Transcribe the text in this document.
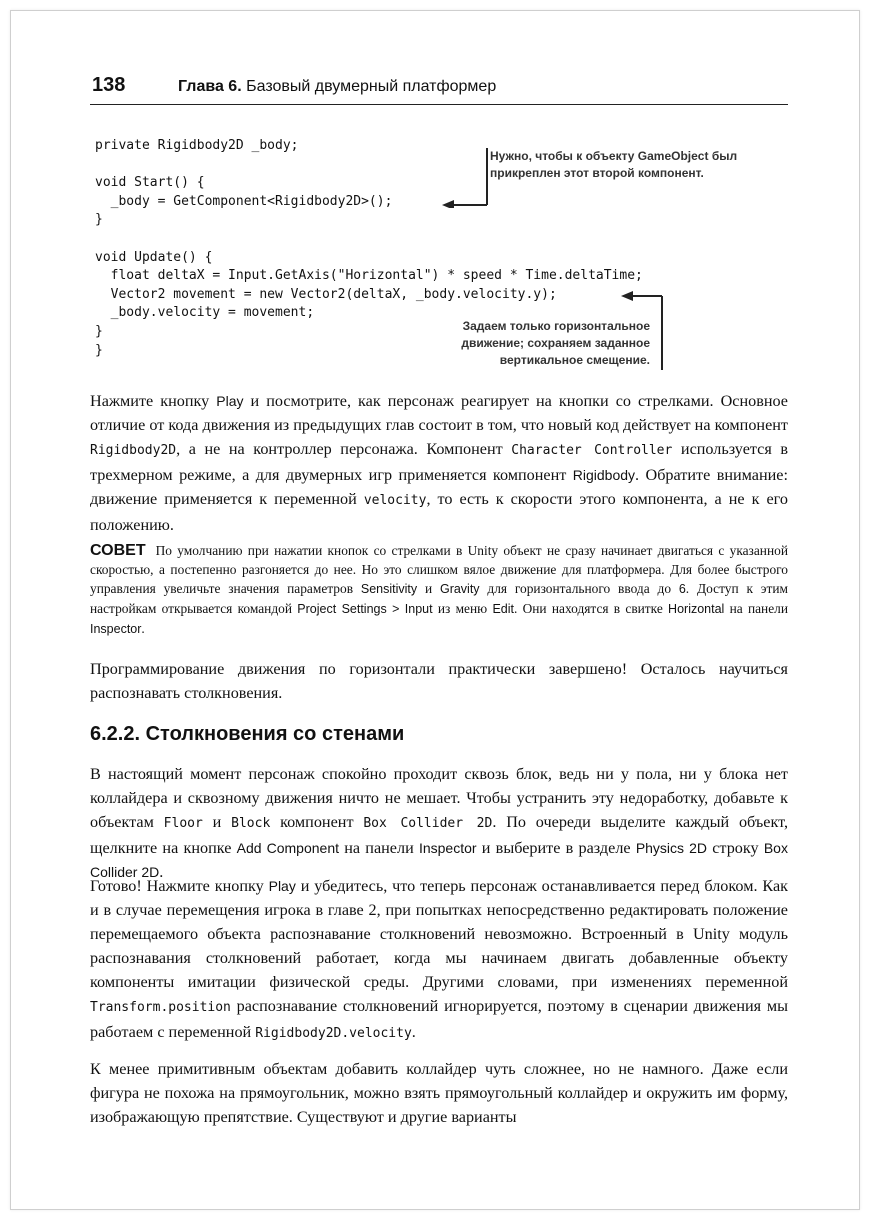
138	Глава 6. Базовый двумерный платформер
private Rigidbody2D _body;

void Start() {
_body = GetComponent<Rigidbody2D>();
}

void Update() {
float deltaX = Input.GetAxis("Horizontal") * speed * Time.deltaTime;
Vector2 movement = new Vector2(deltaX, _body.velocity.y);
_body.velocity = movement;
}
}
Нужно, чтобы к объекту GameObject был прикреплен этот второй компонент.
Задаем только горизонтальное движение; сохраняем заданное вертикальное смещение.

Нажмите кнопку Play и посмотрите, как персонаж реагирует на кнопки со стрелками. Основное отличие от кода движения из предыдущих глав состоит в том, что новый код действует на компонент Rigidbody2D, а не на контроллер персонажа. Компонент Character Controller используется в трехмерном режиме, а для двумерных игр применяется компонент Rigidbody. Обратите внимание: движение применяется к переменной velocity, то есть к скорости этого компонента, а не к его положению.

СОВЕТ По умолчанию при нажатии кнопок со стрелками в Unity объект не сразу начинает двигаться с указанной скоростью, а постепенно разгоняется до нее. Но это слишком вялое движение для платформера. Для более быстрого управления увеличьте значения параметров Sensitivity и Gravity для горизонтального ввода до 6. Доступ к этим настройкам открывается командой Project Settings > Input из меню Edit. Они находятся в свитке Horizontal на панели Inspector.

Программирование движения по горизонтали практически завершено! Осталось научиться распознавать столкновения.

6.2.2. Столкновения со стенами

В настоящий момент персонаж спокойно проходит сквозь блок, ведь ни у пола, ни у блока нет коллайдера и сквозному движения ничто не мешает. Чтобы устранить эту недоработку, добавьте к объектам Floor и Block компонент Box Collider 2D. По очереди выделите каждый объект, щелкните на кнопке Add Component на панели Inspector и выберите в разделе Physics 2D строку Box Collider 2D.

Готово! Нажмите кнопку Play и убедитесь, что теперь персонаж останавливается перед блоком. Как и в случае перемещения игрока в главе 2, при попытках непосредственно редактировать положение перемещаемого объекта распознавание столкновений невозможно. Встроенный в Unity модуль распознавания столкновений работает, когда мы начинаем двигать добавленные объекту компоненты имитации физической среды. Другими словами, при изменениях переменной Transform.position распознавание столкновений игнорируется, поэтому в сценарии движения мы работаем с переменной Rigidbody2D.velocity.

К менее примитивным объектам добавить коллайдер чуть сложнее, но не намного. Даже если фигура не похожа на прямоугольник, можно взять прямоугольный коллайдер и окружить им форму, изображающую препятствие. Существуют и другие варианты
